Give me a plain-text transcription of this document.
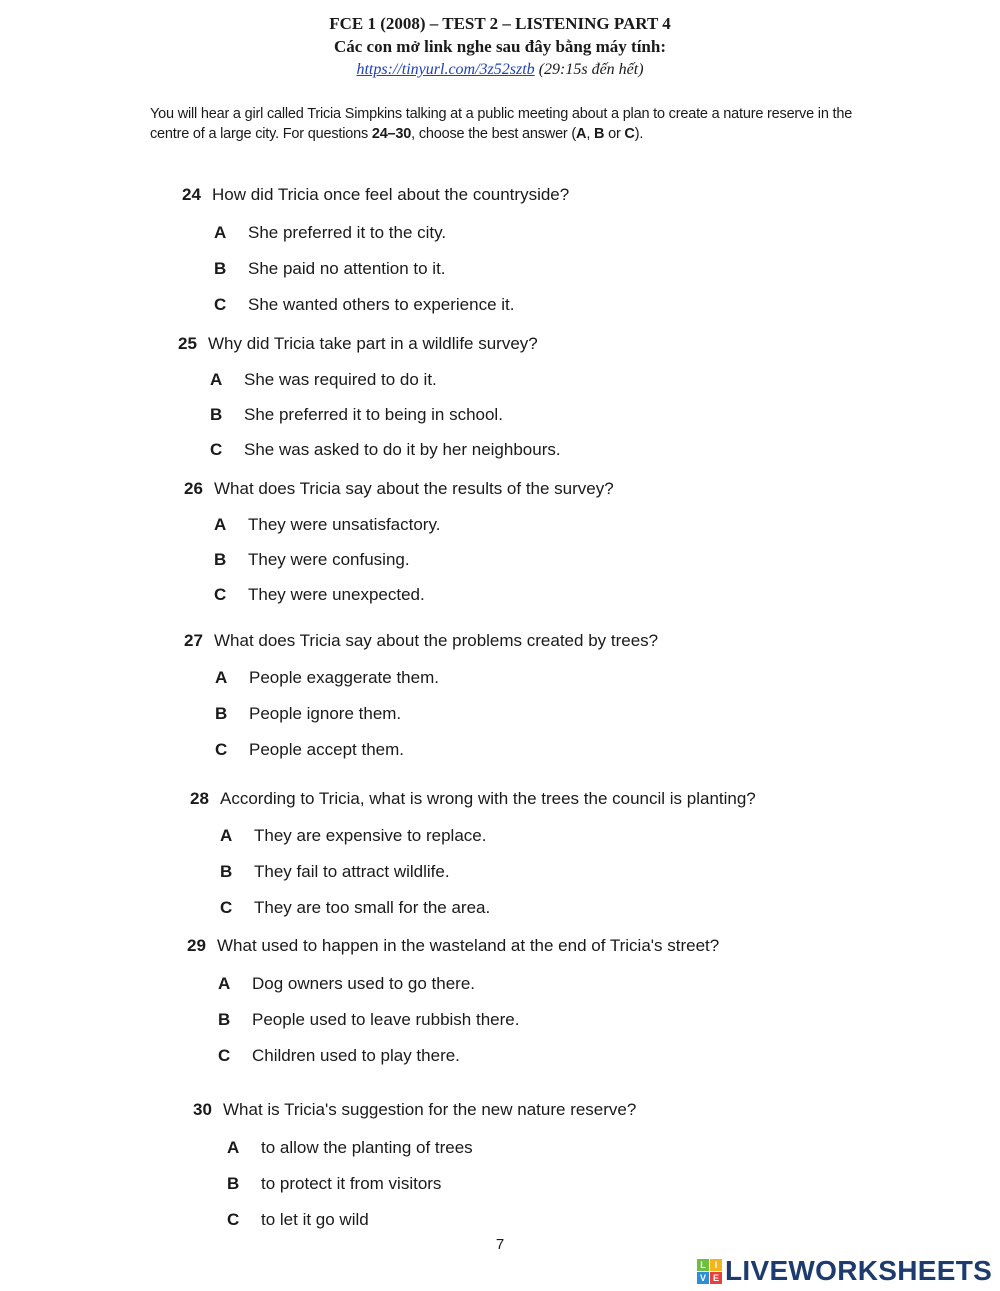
FCE 1 (2008) – TEST 2 – LISTENING PART 4
Các con mở link nghe sau đây bằng máy tính:
https://tinyurl.com/3z52sztb (29:15s đến hết)
You will hear a girl called Tricia Simpkins talking at a public meeting about a plan to create a nature reserve in the centre of a large city. For questions 24–30, choose the best answer (A, B or C).
24 How did Tricia once feel about the countryside?
A	She preferred it to the city.
B	She paid no attention to it.
C	She wanted others to experience it.
25 Why did Tricia take part in a wildlife survey?
A	She was required to do it.
B	She preferred it to being in school.
C	She was asked to do it by her neighbours.
26 What does Tricia say about the results of the survey?
A	They were unsatisfactory.
B	They were confusing.
C	They were unexpected.
27 What does Tricia say about the problems created by trees?
A	People exaggerate them.
B	People ignore them.
C	People accept them.
28 According to Tricia, what is wrong with the trees the council is planting?
A	They are expensive to replace.
B	They fail to attract wildlife.
C	They are too small for the area.
29 What used to happen in the wasteland at the end of Tricia's street?
A	Dog owners used to go there.
B	People used to leave rubbish there.
C	Children used to play there.
30 What is Tricia's suggestion for the new nature reserve?
A	to allow the planting of trees
B	to protect it from visitors
C	to let it go wild
7
L I
V E LIVEWORKSHEETS
